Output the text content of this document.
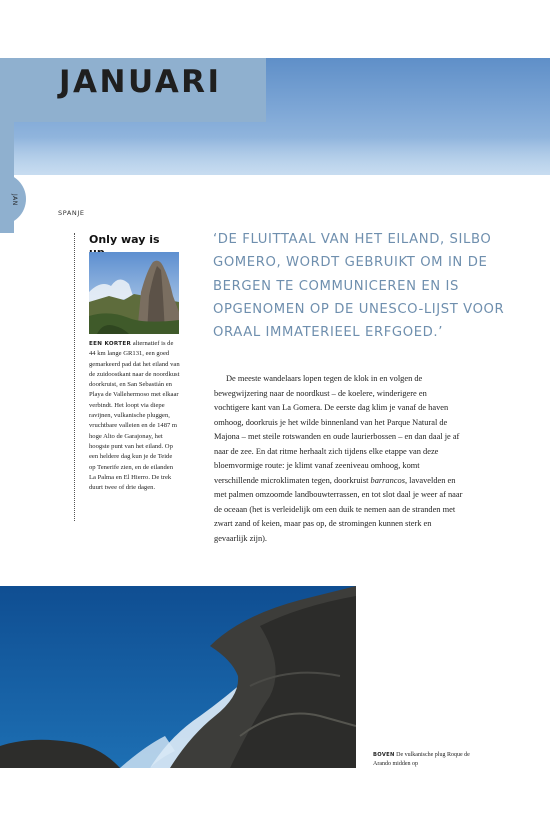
JANUARI
JAN
SPANJE
Only way is

EEN KORTER alternatief is de 44 km lange GR131, een goed gemarkeerd pad dat het eiland van de zuidoostkant naar de noordkust doorkruist, en San Sebastián en Playa de Vallehermoso met elkaar verbindt. Het loopt via diepe ravijnen, vulkanische pluggen, vruchtbare valleien en de 1487 m hoge Alto de Garajonay, het hoogste punt van het eiland. Op een heldere dag kun je de Teide op Tenerife zien, en de eilanden La Palma en El Hierro. De trek duurt twee of drie dagen.

‘DE FLUITTAAL VAN HET EILAND, SILBO GOMERO, WORDT GEBRUIKT OM IN DE BERGEN TE COMMUNICEREN EN IS OPGENOMEN OP DE UNESCO-LIJST VOOR ORAAL IMMATERIEEL ERFGOED.’

De meeste wandelaars lopen tegen de klok in en volgen de bewegwijzering naar de noordkust – de koelere, winderigere en vochtigere kant van La Gomera. De eerste dag klim je vanaf de haven omhoog, doorkruis je het wilde binnenland van het Parque Natural de Majona – met steile rotswanden en oude laurierbossen – en dan daal je af naar de zee. En dat ritme herhaalt zich tijdens elke etappe van deze bloemvormige route: je klimt vanaf zeeniveau omhoog, komt verschillende microklimaten tegen, doorkruist barrancos, lavavelden en met palmen omzoomde landbouwterrassen, en tot slot daal je weer af naar de oceaan (het is verleidelijk om een duik te nemen aan de stranden met zwart zand of keien, maar pas op, de stromingen kunnen sterk en gevaarlijk zijn).

BOVEN De vulkanische plug Roque de Arando midden op
